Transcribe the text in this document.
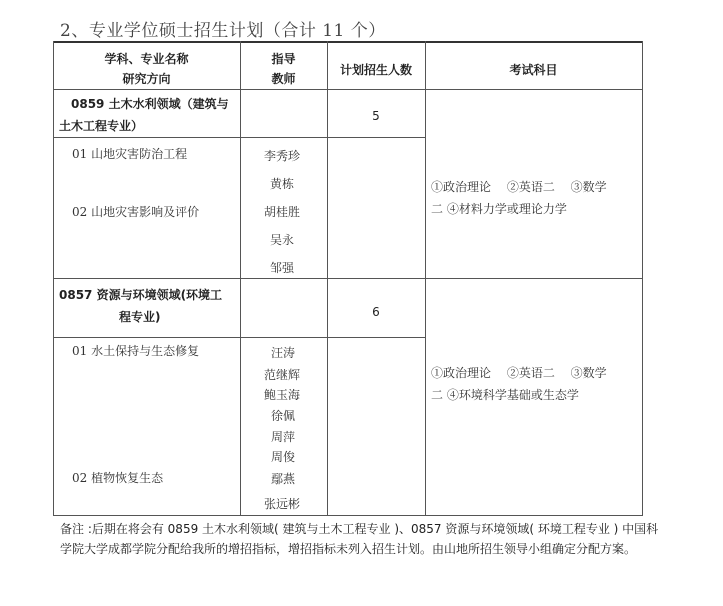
2、专业学位硕士招生计划（合计 11 个）
学科、专业名称
研究方向
指导
教师
计划招生人数	考试科目
0859 土木水利领域（建筑与
土木工程专业）
5
01 山地灾害防治工程
02 山地灾害影响及评价
李秀珍
黄栋
胡桂胜
吴永
邹强
①政治理论　 ②英语二　 ③数学
二 ④材料力学或理论力学
0857 资源与环境领域(环境工
程专业)	6
01 水土保持与生态修复
02 植物恢复生态
汪涛
范继辉
鲍玉海
徐佩
周萍
周俊
鄢燕
张远彬
①政治理论　 ②英语二　 ③数学
二 ④环境科学基础或生态学
备注 :后期在将会有 0859 土木水利领域( 建筑与土木工程专业 )、0857 资源与环境领域( 环境工程专业 ) 中国科学院大学成都学院分配给我所的增招指标，增招指标未列入招生计划。由山地所招生领导小组确定分配方案。
